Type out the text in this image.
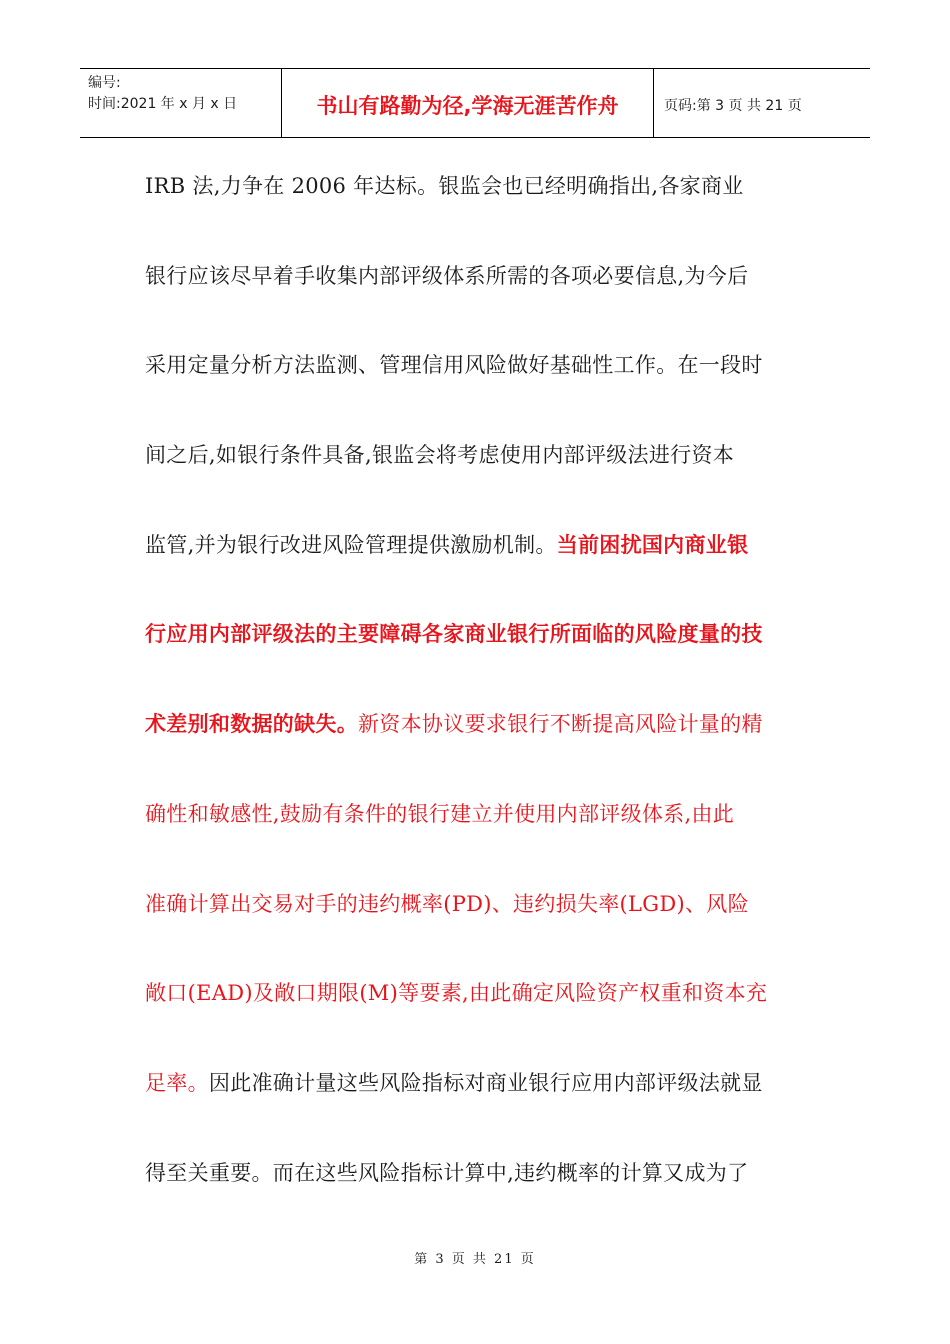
编号:
时间:2021 年 x 月 x 日	书山有路勤为径,学海无涯苦作舟	页码:第 3 页 共 21 页
IRB 法,力争在 2006 年达标。银监会也已经明确指出,各家商业
银行应该尽早着手收集内部评级体系所需的各项必要信息,为今后
采用定量分析方法监测、管理信用风险做好基础性工作。在一段时
间之后,如银行条件具备,银监会将考虑使用内部评级法进行资本
监管,并为银行改进风险管理提供激励机制。当前困扰国内商业银
行应用内部评级法的主要障碍各家商业银行所面临的风险度量的技
术差别和数据的缺失。新资本协议要求银行不断提高风险计量的精
确性和敏感性,鼓励有条件的银行建立并使用内部评级体系,由此
准确计算出交易对手的违约概率(PD)、违约损失率(LGD)、风险
敞口(EAD)及敞口期限(M)等要素,由此确定风险资产权重和资本充
足率。因此准确计量这些风险指标对商业银行应用内部评级法就显
得至关重要。而在这些风险指标计算中,违约概率的计算又成为了
第 3 页 共 21 页
